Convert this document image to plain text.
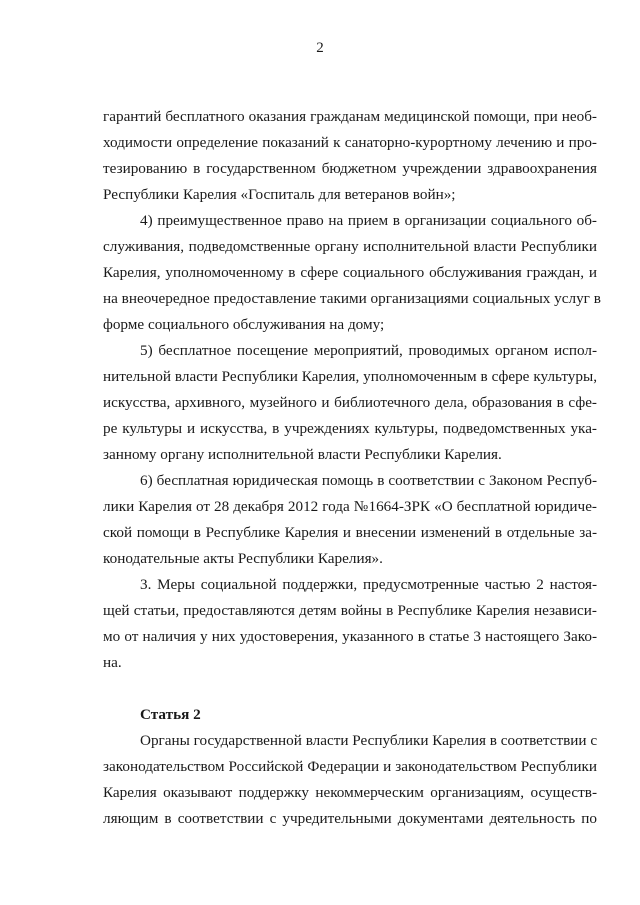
2
гарантий бесплатного оказания гражданам медицинской помощи, при необ-
ходимости определение показаний к санаторно-курортному лечению и про-
тезированию в государственном бюджетном учреждении здравоохранения
Республики Карелия «Госпиталь для ветеранов войн»;
4) преимущественное право на прием в организации социального об-
служивания, подведомственные органу исполнительной власти Республики
Карелия, уполномоченному в сфере социального обслуживания граждан, и
на внеочередное предоставление такими организациями социальных услуг в
форме социального обслуживания на дому;
5) бесплатное посещение мероприятий, проводимых органом испол-
нительной власти Республики Карелия, уполномоченным в сфере культуры,
искусства, архивного, музейного и библиотечного дела, образования в сфе-
ре культуры и искусства, в учреждениях культуры, подведомственных ука-
занному органу исполнительной власти Республики Карелия.
6) бесплатная юридическая помощь в соответствии с Законом Респуб-
лики Карелия от 28 декабря 2012 года №1664-ЗРК «О бесплатной юридиче-
ской помощи в Республике Карелия и внесении изменений в отдельные за-
конодательные акты Республики Карелия».
3. Меры социальной поддержки, предусмотренные частью 2 настоя-
щей статьи, предоставляются детям войны в Республике Карелия независи-
мо от наличия у них удостоверения, указанного в статье 3 настоящего Зако-
на.
Статья 2
Органы государственной власти Республики Карелия в соответствии с
законодательством Российской Федерации и законодательством Республики
Карелия оказывают поддержку некоммерческим организациям, осуществ-
ляющим в соответствии с учредительными документами деятельность по
